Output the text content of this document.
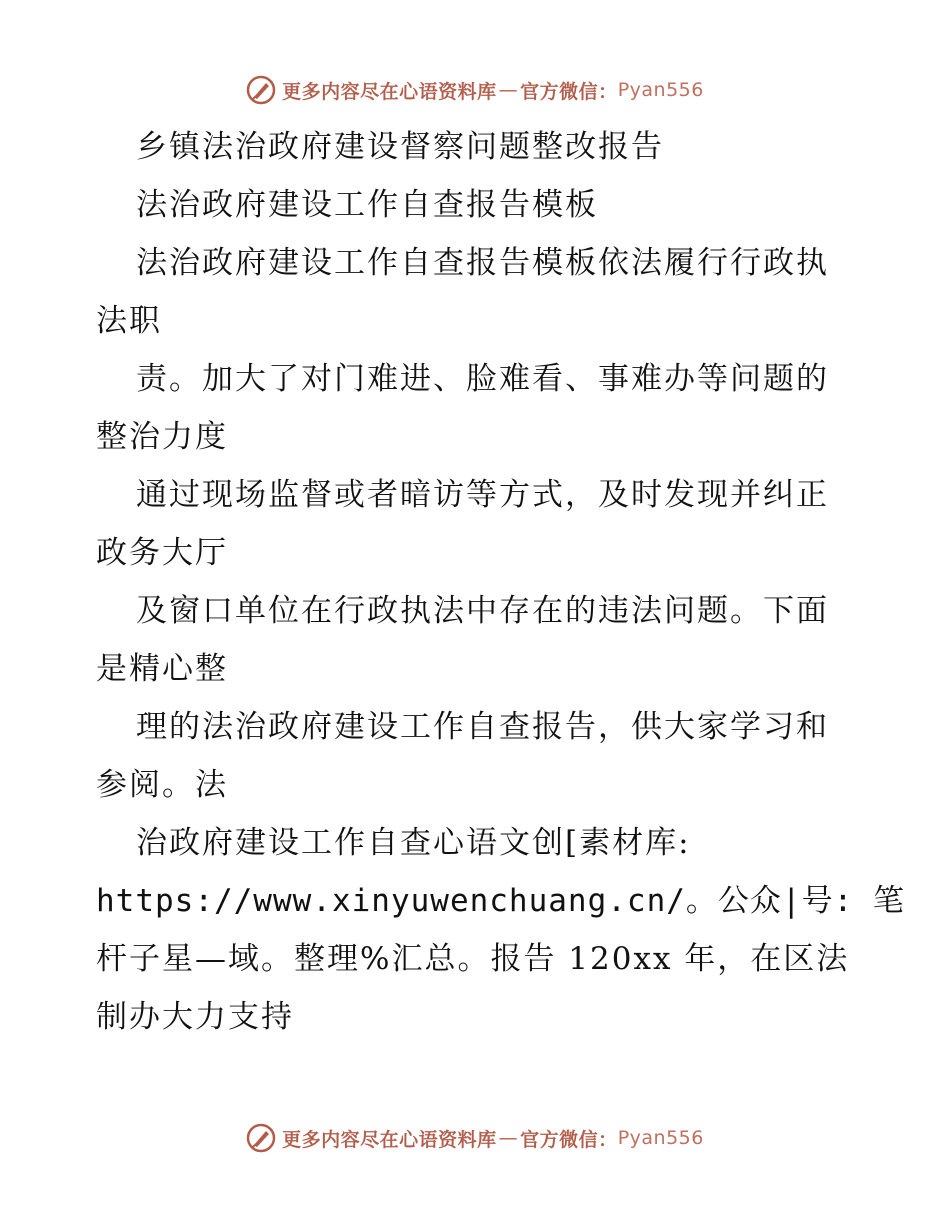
更多内容尽在心语资料库 — 官方微信： Pyan556
乡镇法治政府建设督察问题整改报告
法治政府建设工作自查报告模板
法治政府建设工作自查报告模板依法履行行政执
法职
责。加大了对门难进、脸难看、事难办等问题的
整治力度
通过现场监督或者暗访等方式，及时发现并纠正
政务大厅
及窗口单位在行政执法中存在的违法问题。下面
是精心整
理的法治政府建设工作自查报告，供大家学习和
参阅。法
治政府建设工作自查心语文创[素材库:
https://www.xinyuwenchuang.cn/。公众|号: 笔
杆子星—域。整理%汇总。报告 120xx 年，在区法
制办大力支持
更多内容尽在心语资料库 — 官方微信： Pyan556
